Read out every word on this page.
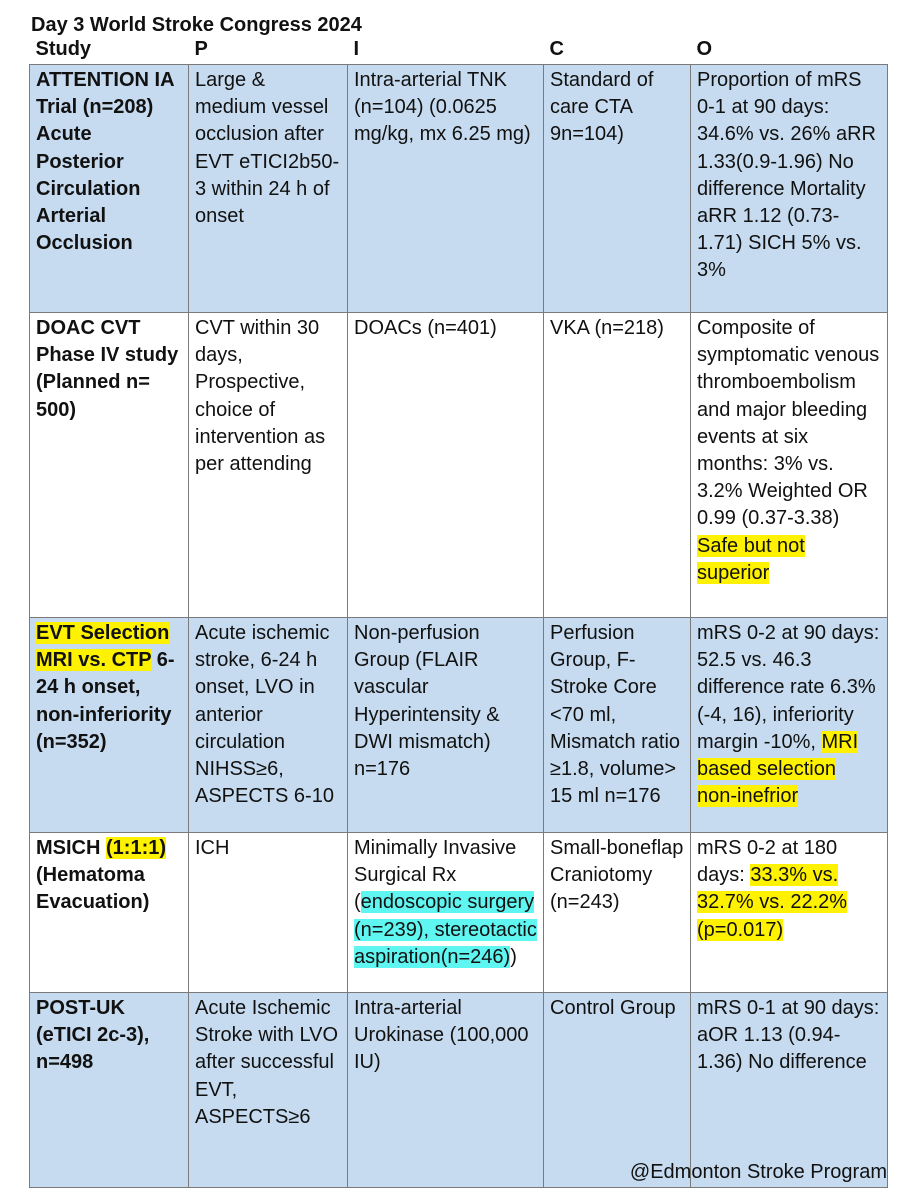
Day 3 World Stroke Congress 2024
Study	P	I	C	O
ATTENTION IA Trial (n=208) Acute Posterior Circulation Arterial Occlusion	Large & medium vessel occlusion after EVT eTICI2b50-3 within 24 h of onset	Intra-arterial TNK (n=104) (0.0625 mg/kg, mx 6.25 mg)	Standard of care CTA 9n=104)	Proportion of mRS 0-1 at 90 days: 34.6% vs. 26% aRR 1.33(0.9-1.96) No difference Mortality aRR 1.12 (0.73-1.71) SICH 5% vs. 3%
DOAC CVT Phase IV study (Planned n= 500)	CVT within 30 days, Prospective, choice of intervention as per attending	DOACs (n=401)	VKA (n=218)	Composite of symptomatic venous thromboembolism and major bleeding events at six months: 3% vs. 3.2% Weighted OR 0.99 (0.37-3.38) Safe but not superior
EVT Selection MRI vs. CTP 6-24 h onset, non-inferiority (n=352)	Acute ischemic stroke, 6-24 h onset, LVO in anterior circulation NIHSS≥6, ASPECTS 6-10	Non-perfusion Group (FLAIR vascular Hyperintensity & DWI mismatch) n=176	Perfusion Group, F-Stroke Core <70 ml, Mismatch ratio ≥1.8, volume> 15 ml n=176	mRS 0-2 at 90 days: 52.5 vs. 46.3 difference rate 6.3% (-4, 16), inferiority margin -10%, MRI based selection non-inefrior
MSICH (1:1:1) (Hematoma Evacuation)	ICH	Minimally Invasive Surgical Rx (endoscopic surgery (n=239), stereotactic aspiration(n=246))	Small-boneflap Craniotomy (n=243)	mRS 0-2 at 180 days: 33.3% vs. 32.7% vs. 22.2% (p=0.017)
POST-UK (eTICI 2c-3), n=498	Acute Ischemic Stroke with LVO after successful EVT, ASPECTS≥6	Intra-arterial Urokinase (100,000 IU)	Control Group	mRS 0-1 at 90 days: aOR 1.13 (0.94-1.36) No difference
@Edmonton Stroke Program
